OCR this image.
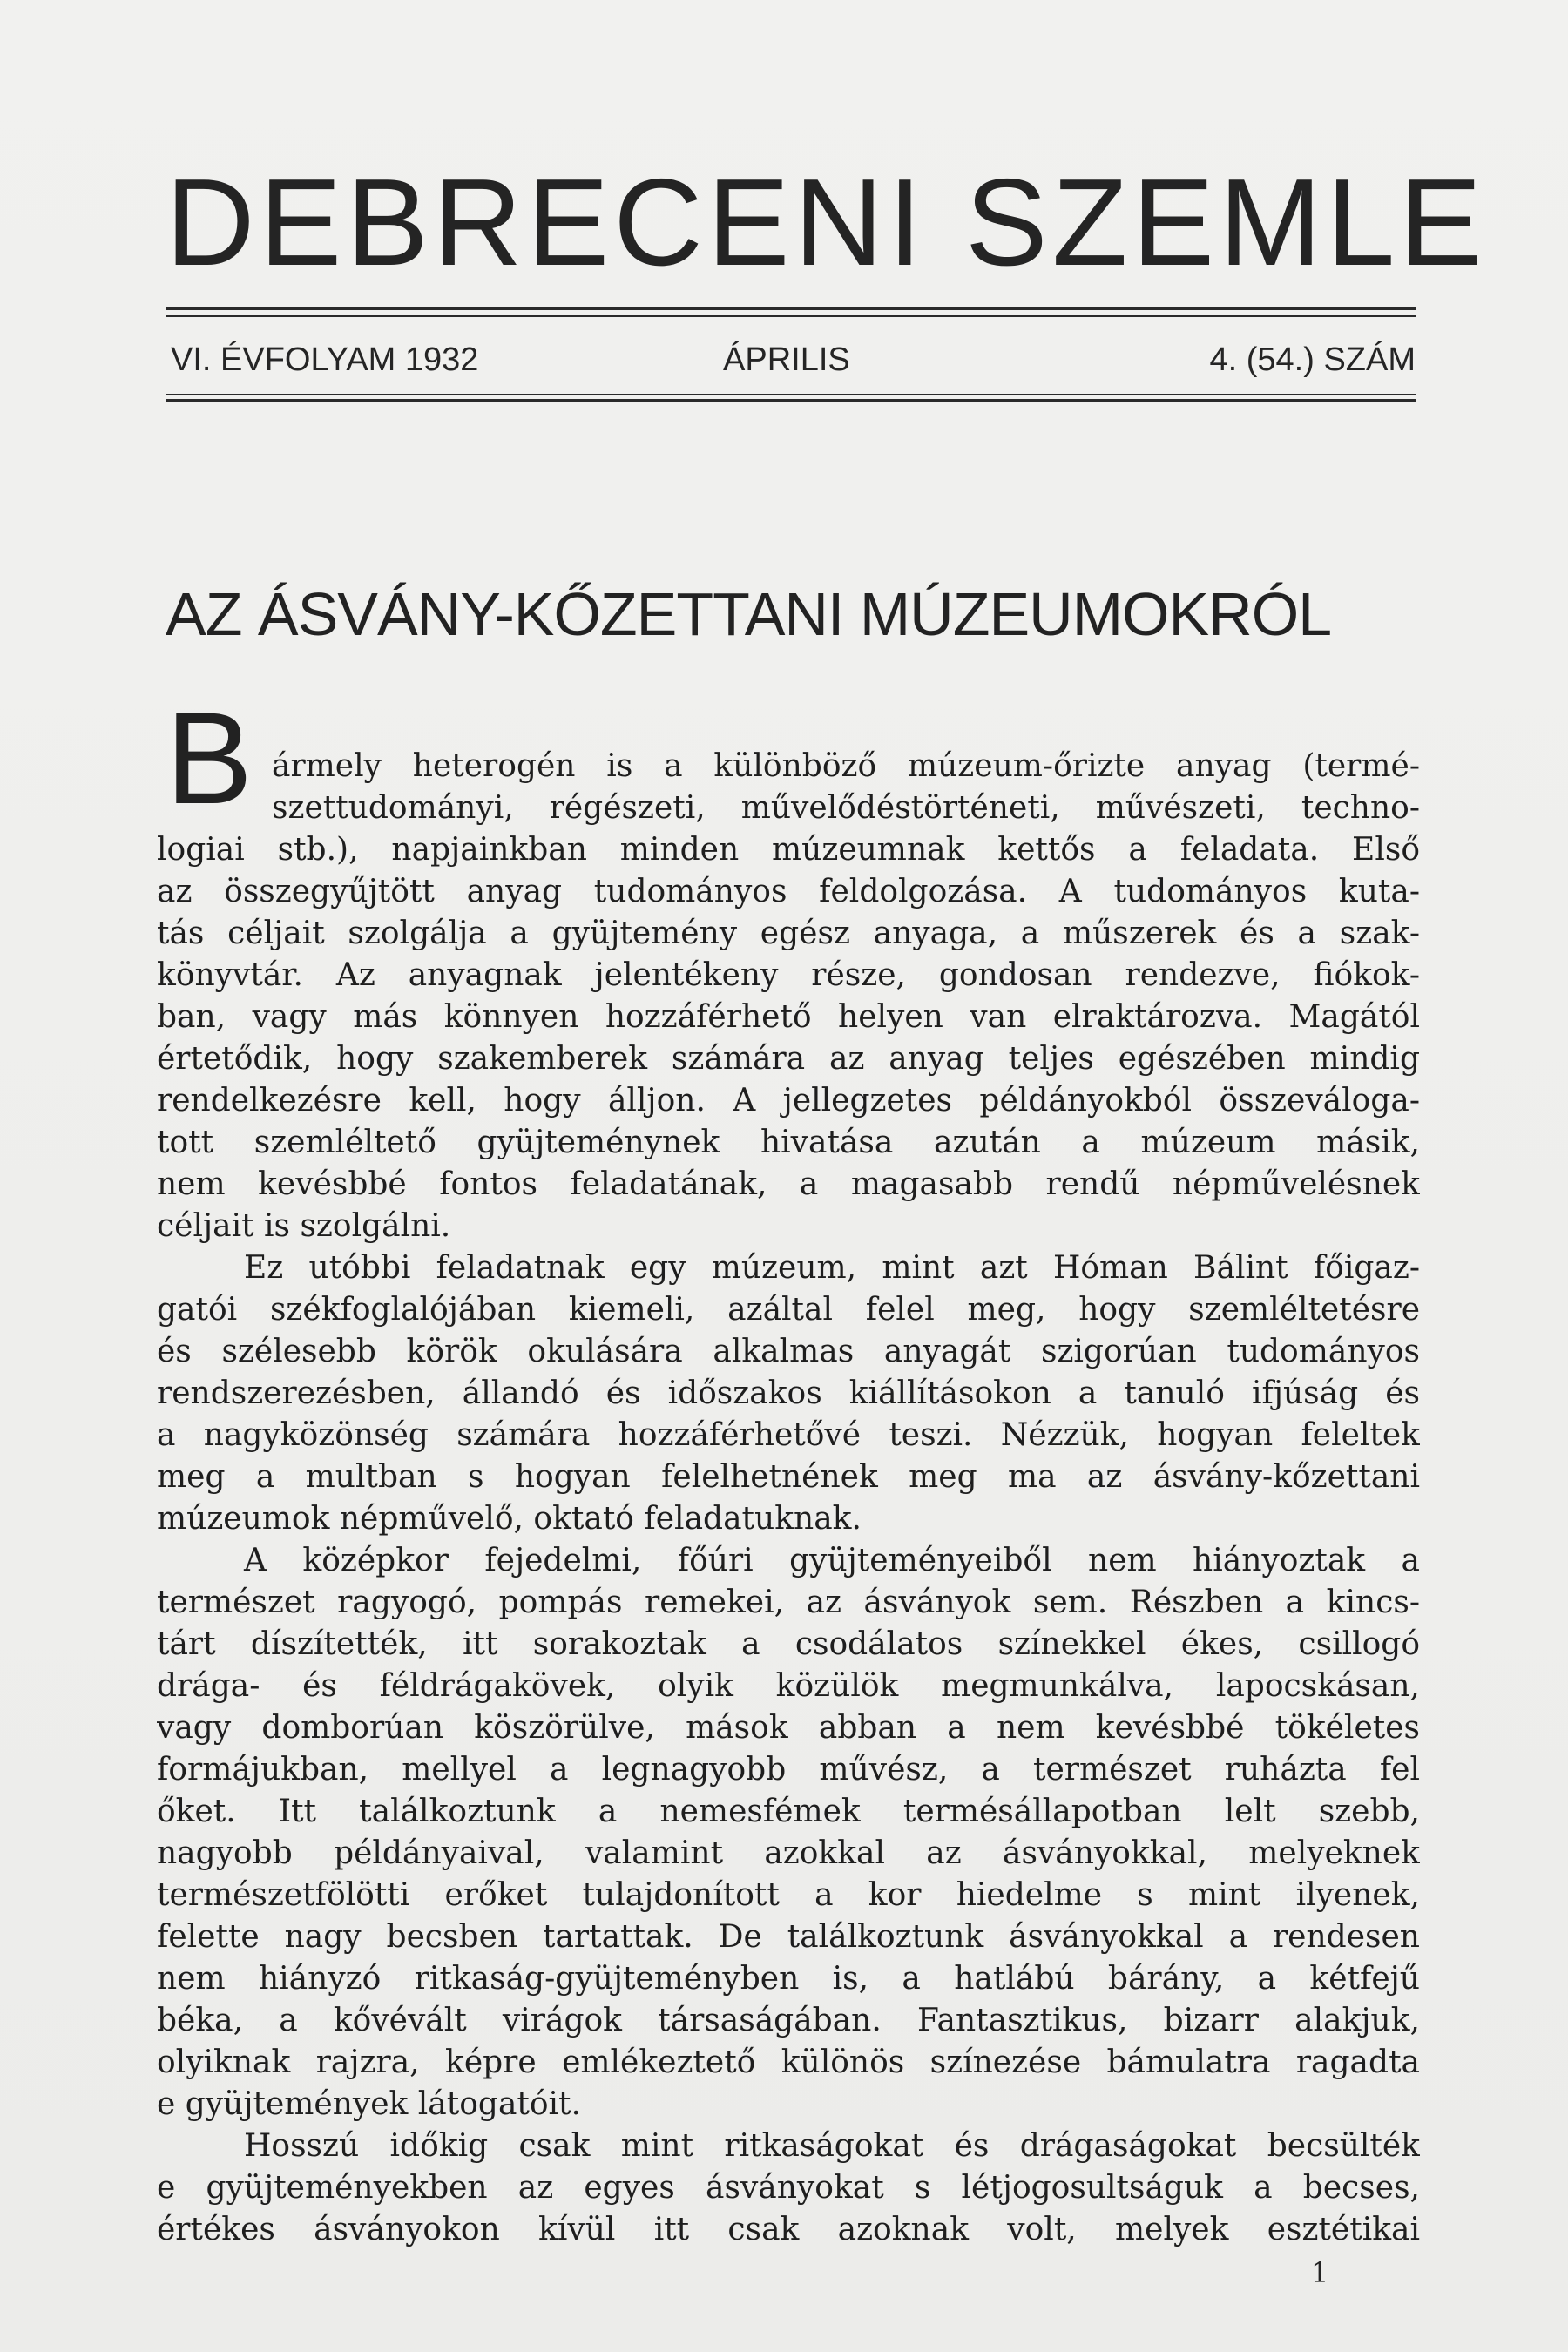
DEBRECENI SZEMLE
VI. ÉVFOLYAM 1932	ÁPRILIS	4. (54.) SZÁM
AZ ÁSVÁNY-KŐZETTANI MÚZEUMOKRÓL
B ármely heterogén is a különböző múzeum-őrizte anyag (termé-
szettudományi, régészeti, művelődéstörténeti, művészeti, techno-
logiai stb.), napjainkban minden múzeumnak kettős a feladata. Első
az összegyűjtött anyag tudományos feldolgozása. A tudományos kuta-
tás céljait szolgálja a gyüjtemény egész anyaga, a műszerek és a szak-
könyvtár. Az anyagnak jelentékeny része, gondosan rendezve, fiókok-
ban, vagy más könnyen hozzáférhető helyen van elraktározva. Magától
értetődik, hogy szakemberek számára az anyag teljes egészében mindig
rendelkezésre kell, hogy álljon. A jellegzetes példányokból összeváloga-
tott szemléltető gyüjteménynek hivatása azután a múzeum másik,
nem kevésbbé fontos feladatának, a magasabb rendű népművelésnek
céljait is szolgálni.
Ez utóbbi feladatnak egy múzeum, mint azt Hóman Bálint főigaz-
gatói székfoglalójában kiemeli, azáltal felel meg, hogy szemléltetésre
és szélesebb körök okulására alkalmas anyagát szigorúan tudományos
rendszerezésben, állandó és időszakos kiállításokon a tanuló ifjúság és
a nagyközönség számára hozzáférhetővé teszi. Nézzük, hogyan feleltek
meg a multban s hogyan felelhetnének meg ma az ásvány-kőzettani
múzeumok népművelő, oktató feladatuknak.
A középkor fejedelmi, főúri gyüjteményeiből nem hiányoztak a
természet ragyogó, pompás remekei, az ásványok sem. Részben a kincs-
tárt díszítették, itt sorakoztak a csodálatos színekkel ékes, csillogó
drága- és féldrágakövek, olyik közülök megmunkálva, lapocskásan,
vagy domborúan köszörülve, mások abban a nem kevésbbé tökéletes
formájukban, mellyel a legnagyobb művész, a természet ruházta fel
őket. Itt találkoztunk a nemesfémek termésállapotban lelt szebb,
nagyobb példányaival, valamint azokkal az ásványokkal, melyeknek
természetfölötti erőket tulajdonított a kor hiedelme s mint ilyenek,
felette nagy becsben tartattak. De találkoztunk ásványokkal a rendesen
nem hiányzó ritkaság-gyüjteményben is, a hatlábú bárány, a kétfejű
béka, a kővévált virágok társaságában. Fantasztikus, bizarr alakjuk,
olyiknak rajzra, képre emlékeztető különös színezése bámulatra ragadta
e gyüjtemények látogatóit.
Hosszú időkig csak mint ritkaságokat és drágaságokat becsülték
e gyüjteményekben az egyes ásványokat s létjogosultságuk a becses,
értékes ásványokon kívül itt csak azoknak volt, melyek esztétikai
1
